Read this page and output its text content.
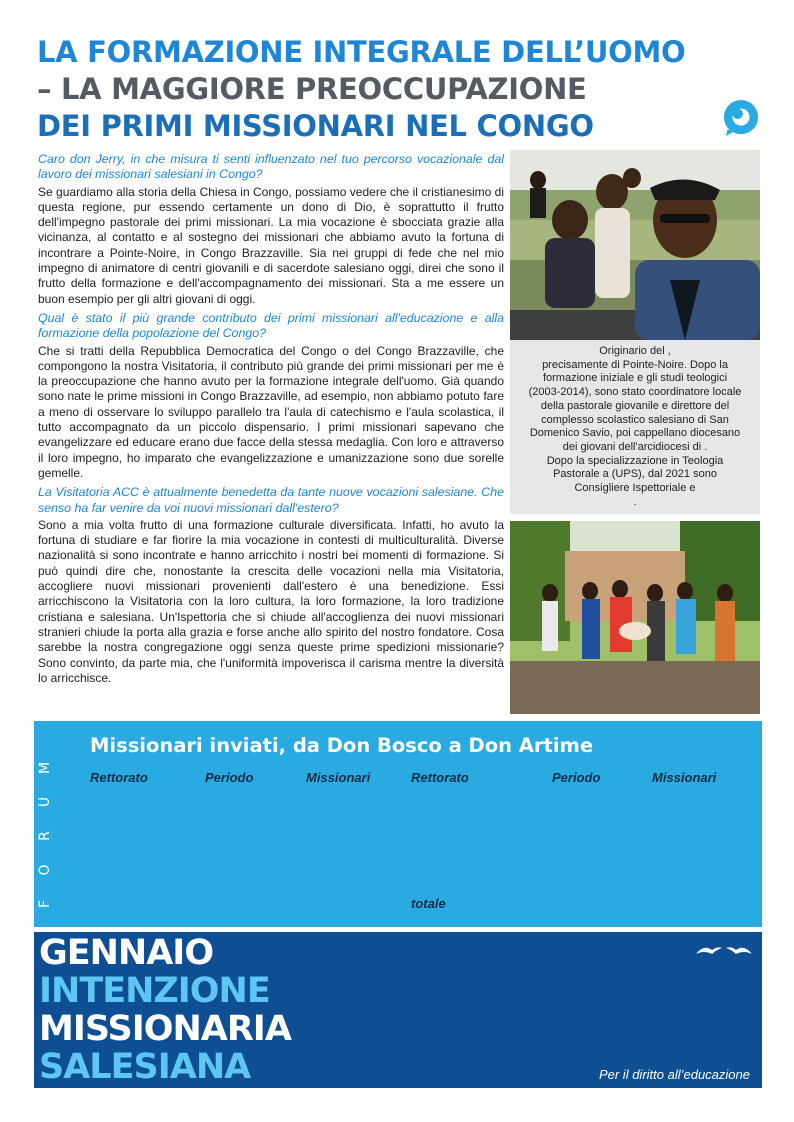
LA FORMAZIONE INTEGRALE DELL’UOMO
– LA MAGGIORE PREOCCUPAZIONE
DEI PRIMI MISSIONARI NEL CONGO

Caro don Jerry, in che misura ti senti influenzato nel tuo percorso vocazionale dal lavoro dei missionari salesiani in Congo?

Se guardiamo alla storia della Chiesa in Congo, possiamo vedere che il cristianesimo di questa regione, pur essendo certamente un dono di Dio, è soprattutto il frutto dell'impegno pastorale dei primi missionari. La mia vocazione è sbocciata grazie alla vicinanza, al contatto e al sostegno dei missionari che abbiamo avuto la fortuna di incontrare a Pointe-Noire, in Congo Brazzaville. Sia nei gruppi di fede che nel mio impegno di animatore di centri giovanili e di sacerdote salesiano oggi, direi che sono il frutto della formazione e dell'accompagnamento dei missionari. Sta a me essere un buon esempio per gli altri giovani di oggi.

Qual è stato il più grande contributo dei primi missionari all'educazione e alla formazione della popolazione del Congo?

Che si tratti della Repubblica Democratica del Congo o del Congo Brazzaville, che compongono la nostra Visitatoria, il contributo più grande dei primi missionari per me è la preoccupazione che hanno avuto per la formazione integrale dell'uomo. Già quando sono nate le prime missioni in Congo Brazzaville, ad esempio, non abbiamo potuto fare a meno di osservare lo sviluppo parallelo tra l'aula di catechismo e l'aula scolastica, il tutto accompagnato da un piccolo dispensario. I primi missionari sapevano che evangelizzare ed educare erano due facce della stessa medaglia. Con loro e attraverso il loro impegno, ho imparato che evangelizzazione e umanizzazione sono due sorelle gemelle.

La Visitatoria ACC è attualmente benedetta da tante nuove vocazioni salesiane. Che senso ha far venire da voi nuovi missionari dall'estero?

Sono a mia volta frutto di una formazione culturale diversificata. Infatti, ho avuto la fortuna di studiare e far fiorire la mia vocazione in contesti di multiculturalità. Diverse nazionalità si sono incontrate e hanno arricchito i nostri bei momenti di formazione. Si può quindi dire che, nonostante la crescita delle vocazioni nella mia Visitatoria, accogliere nuovi missionari provenienti dall'estero è una benedizione. Essi arricchiscono la Visitatoria con la loro cultura, la loro formazione, la loro tradizione cristiana e salesiana. Un'Ispettoria che si chiude all'accoglienza dei nuovi missionari stranieri chiude la porta alla grazia e forse anche allo spirito del nostro fondatore. Cosa sarebbe la nostra congregazione oggi senza queste prime spedizioni missionarie? Sono convinto, da parte mia, che l'uniformità impoverisca il carisma mentre la diversità lo arricchisce.

Originario del ,
precisamente di Pointe-Noire. Dopo la
formazione iniziale e gli studi teologici
(2003-2014), sono stato coordinatore locale
della pastorale giovanile e direttore del
complesso scolastico salesiano di San
Domenico Savio, poi cappellano diocesano
dei giovani dell'arcidiocesi di .
Dopo la specializzazione in Teologia
Pastorale a (UPS), dal 2021 sono
Consigliere Ispettoriale e
.
M
U
R
O
F
Missionari inviati, da Don Bosco a Don Artime
Rettorato	Periodo	Missionari	Rettorato	Periodo	Missionari
totale
GENNAIO
INTENZIONE
MISSIONARIA
SALESIANA	Per il diritto all’educazione
